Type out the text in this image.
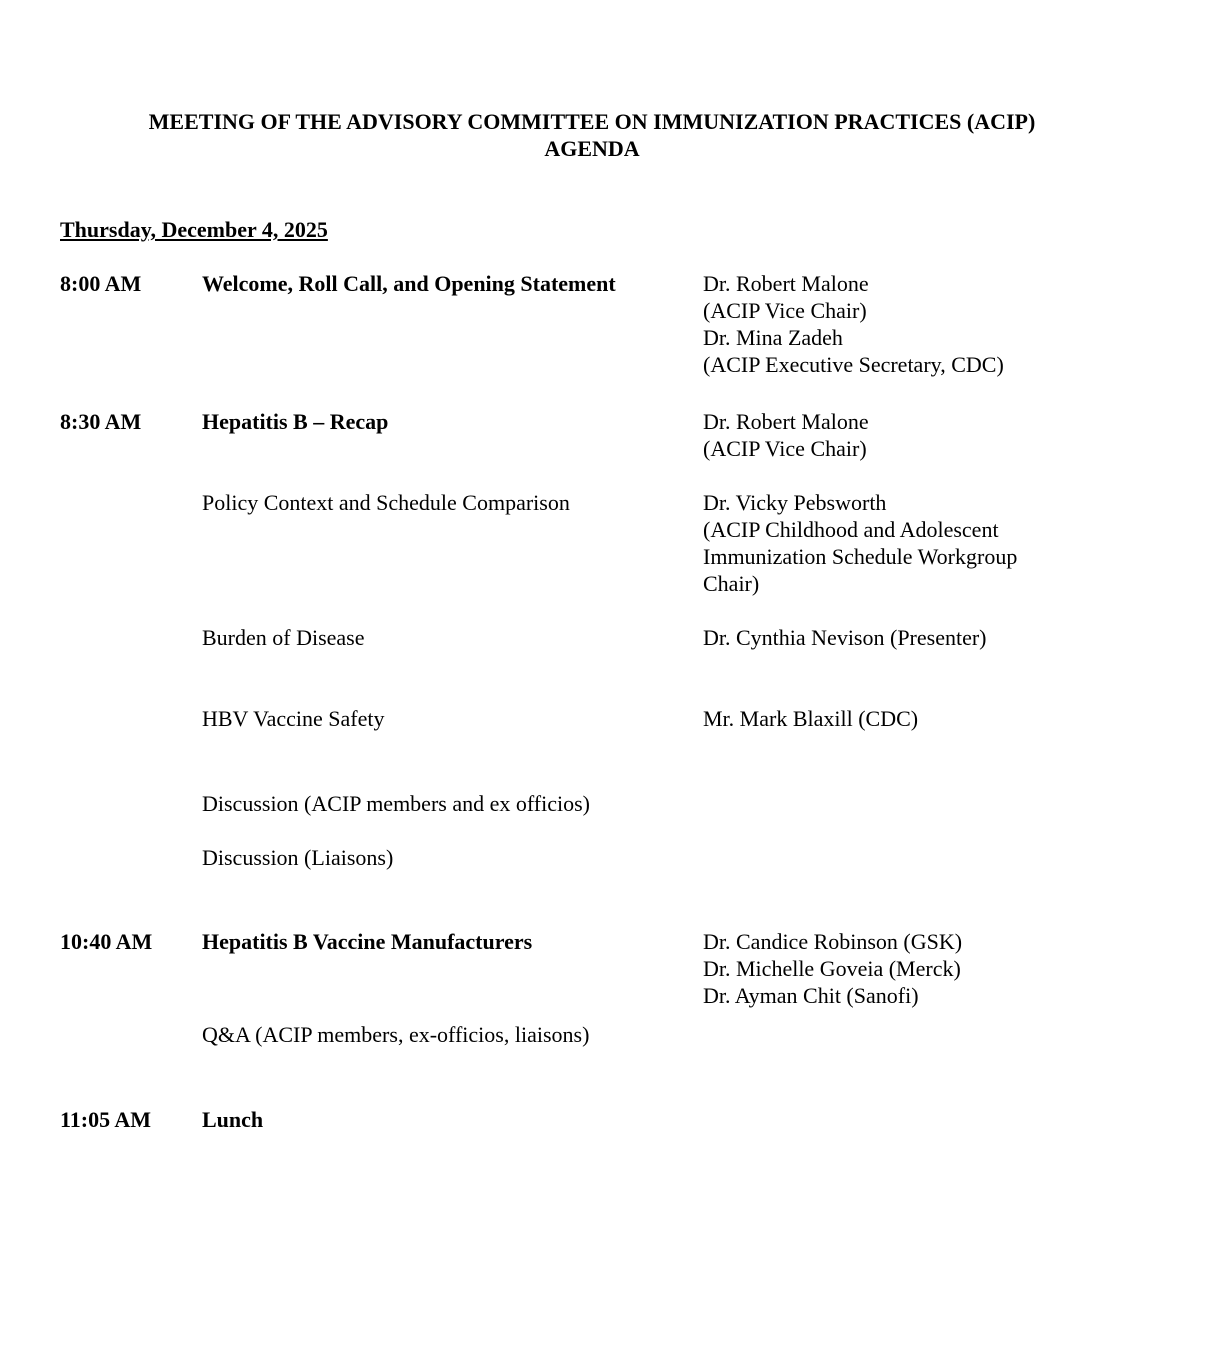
MEETING OF THE ADVISORY COMMITTEE ON IMMUNIZATION PRACTICES (ACIP)
AGENDA
Thursday, December 4, 2025
8:00 AM	Welcome, Roll Call, and Opening Statement	Dr. Robert Malone
(ACIP Vice Chair)
Dr. Mina Zadeh
(ACIP Executive Secretary, CDC)
8:30 AM	Hepatitis B – Recap	Dr. Robert Malone
(ACIP Vice Chair)
Policy Context and Schedule Comparison	Dr. Vicky Pebsworth
(ACIP Childhood and Adolescent
Immunization Schedule Workgroup
Chair)
Burden of Disease	Dr. Cynthia Nevison (Presenter)
HBV Vaccine Safety	Mr. Mark Blaxill (CDC)
Discussion (ACIP members and ex officios)
Discussion (Liaisons)
10:40 AM Hepatitis B Vaccine Manufacturers	Dr. Candice Robinson (GSK)
Dr. Michelle Goveia (Merck)
Dr. Ayman Chit (Sanofi)
Q&A (ACIP members, ex-officios, liaisons)
11:05 AM Lunch
